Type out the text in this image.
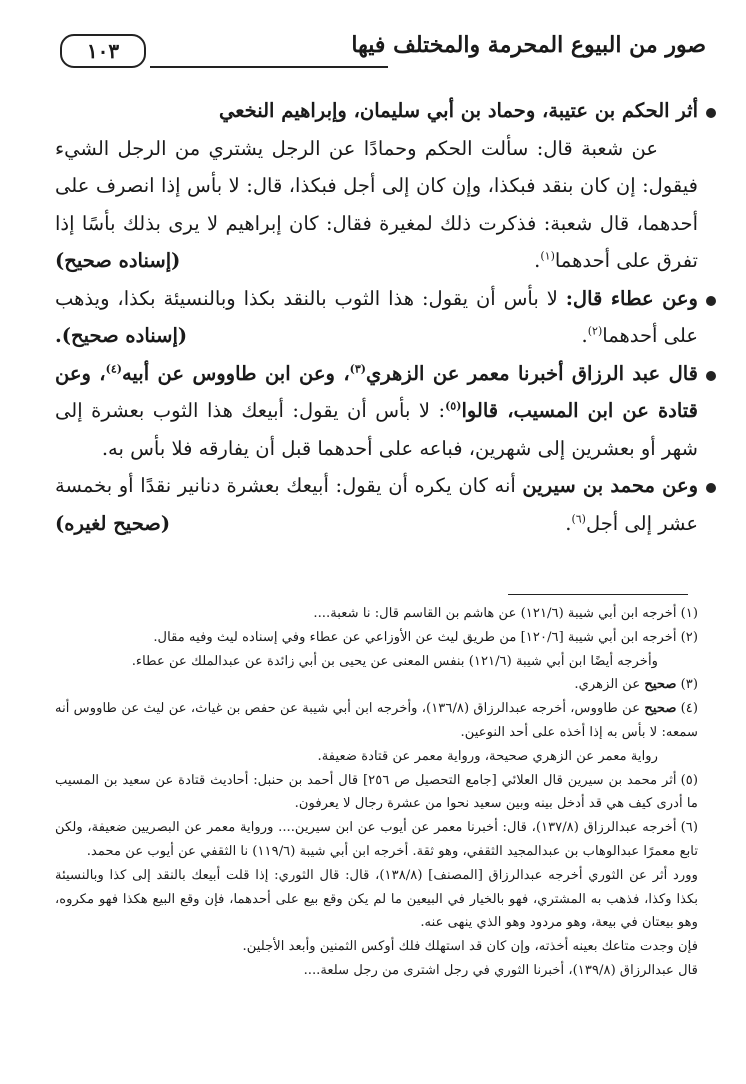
١٠٣	صور من البيوع المحرمة والمختلف فيها

أثر الحكم بن عتيبة، وحماد بن أبي سليمان، وإبراهيم النخعي

عن شعبة قال: سألت الحكم وحمادًا عن الرجل يشتري من الرجل الشيء فيقول: إن كان بنقد فبكذا، وإن كان إلى أجل فبكذا، قال: لا بأس إذا انصرف على أحدهما، قال شعبة: فذكرت ذلك لمغيرة فقال: كان إبراهيم لا يرى بذلك بأسًا إذا تفرق على أحدهما$^{(١)}$.
(إسناده صحيح)

وعن عطاء قال: لا بأس أن يقول: هذا الثوب بالنقد بكذا وبالنسيئة بكذا، ويذهب على أحدهما$^{(٢)}$.
(إسناده صحيح).

قال عبد الرزاق أخبرنا معمر عن الزهري$^{(٣)}$، وعن ابن طاووس عن أبيه$^{(٤)}$، وعن قتادة عن ابن المسيب، قالوا$^{(٥)}$: لا بأس أن يقول: أبيعك هذا الثوب بعشرة إلى شهر أو بعشرين إلى شهرين، فباعه على أحدهما قبل أن يفارقه فلا بأس به.

وعن محمد بن سيرين أنه كان يكره أن يقول: أبيعك بعشرة دنانير نقدًا أو بخمسة عشر إلى أجل$^{(٦)}$.
(صحيح لغيره)

(١)أخرجه ابن أبي شيبة (١٢١/٦) عن هاشم بن القاسم قال: نا شعبة....

(٢)أخرجه ابن أبي شيبة [١٢٠/٦] من طريق ليث عن الأوزاعي عن عطاء وفي إسناده ليث وفيه مقال.

وأخرجه أيضًا ابن أبي شيبة (١٢١/٦) بنفس المعنى عن يحيى بن أبي زائدة عن عبدالملك عن عطاء.

(٣)صحيح عن الزهري.

(٤)صحيح عن طاووس، أخرجه عبدالرزاق (١٣٦/٨)، وأخرجه ابن أبي شيبة عن حفص بن غياث، عن ليث عن طاووس أنه سمعه: لا بأس به إذا أخذه على أحد النوعين.

رواية معمر عن الزهري صحيحة، ورواية معمر عن قتادة ضعيفة.

(٥)أثر محمد بن سيرين قال العلائي [جامع التحصيل ص ٢٥٦] قال أحمد بن حنبل: أحاديث قتادة عن سعيد بن المسيب ما أدرى كيف هي قد أدخل بينه وبين سعيد نحوا من عشرة رجال لا يعرفون.

(٦)أخرجه عبدالرزاق (١٣٧/٨)، قال: أخبرنا معمر عن أيوب عن ابن سيرين.... ورواية معمر عن البصريين ضعيفة، ولكن تابع معمرًا عبدالوهاب بن عبدالمجيد الثقفي، وهو ثقة. أخرجه ابن أبي شيبة (١١٩/٦) نا الثقفي عن أيوب عن محمد.

وورد أثر عن الثوري أخرجه عبدالرزاق [المصنف] (١٣٨/٨)، قال: قال الثوري: إذا قلت أبيعك بالنقد إلى كذا وبالنسيئة بكذا وكذا، فذهب به المشتري، فهو بالخيار في البيعين ما لم يكن وقع بيع على أحدهما، فإن وقع البيع هكذا فهو مكروه، وهو بيعتان في بيعة، وهو مردود وهو الذي ينهى عنه.

فإن وجدت متاعك بعينه أخذته، وإن كان قد استهلك فلك أوكس الثمنين وأبعد الأجلين.

قال عبدالرزاق (١٣٩/٨)، أخبرنا الثوري في رجل اشترى من رجل سلعة....
